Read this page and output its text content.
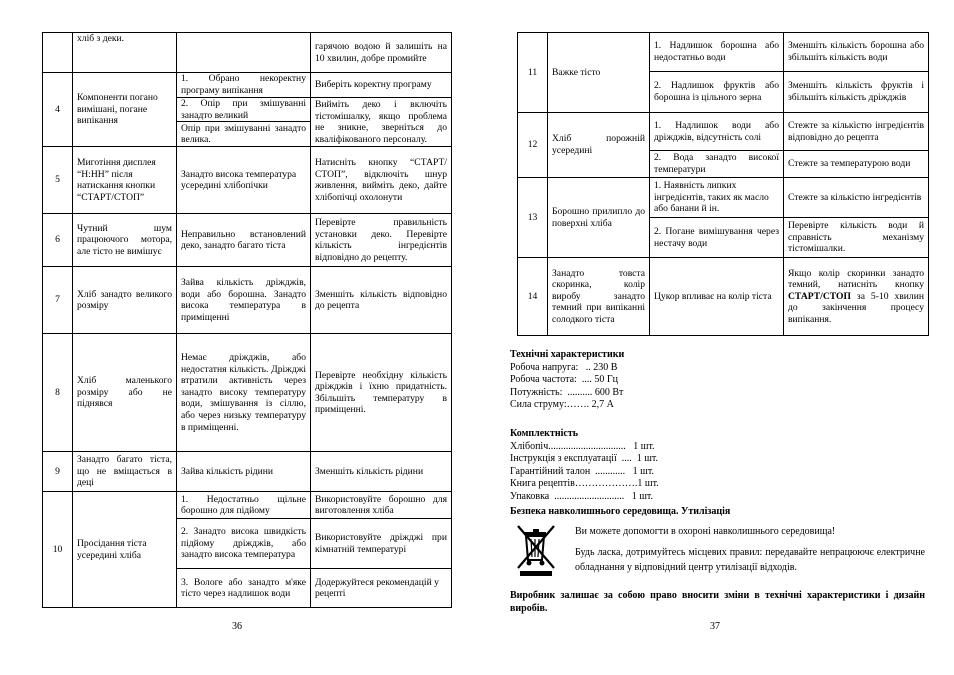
	хліб з деки.		гарячою водою й залишіть на 10 хвилин, добре промийте
4	Компоненти погано вимішані, погане випікання	1. Обрано некоректну програму випікання	Виберіть коректну програму
		2. Опір при змішуванні занадто великий	Вийміть деко і включіть тістомішалку, якщо проблема не зникне, зверніться до кваліфікованого персоналу.
		Опір при змішуванні занадто велика.	
5	Миготіння дисплея “H:HH” після натискання кнопки “СТАРТ/СТОП”	Занадто висока температура усередині хлібопічки	Натисніть кнопку “СТАРТ/СТОП”, відключіть шнур живлення, вийміть деко, дайте хлібопічці охолонути
6	Чутний шум працюючого мотора, але тісто не вимішує	Неправильно встановлений деко, занадто багато тіста	Перевірте правильність установки деко. Перевірте кількість інгредієнтів відповідно до рецепту.
7	Хліб занадто великого розміру	Зайва кількість дріжджів, води або борошна. Занадто висока температура в приміщенні	Зменшіть кількість відповідно до рецепта
8	Хліб маленького розміру або не піднявся	Немає дріжджів, або недостатня кількість. Дріжджі втратили активність через занадто високу температуру води, змішування із сіллю, або через низьку температуру в приміщенні.	Перевірте необхідну кількість дріжджів і їхню придатність. Збільшіть температуру в приміщенні.
9	Занадто багато тіста, що не вміщається в деці	Зайва кількість рідини	Зменшіть кількість рідини
10	Просідання тіста усередині хліба	1. Недостатньо щільне борошно для підйому	Використовуйте борошно для виготовлення хліба
		2. Занадто висока швидкість підйому дріжджів, або занадто висока температура	Використовуйте дріжджі при кімнатній температурі
		3. Вологе або занадто м'яке тісто через надлишок води	Додержуйтеся рекомендацій у рецепті
36
11	Важке тісто	1. Надлишок борошна або недостатньо води	Зменшіть кількість борошна або збільшіть кількість води
		2. Надлишок фруктів або борошна із цільного зерна	Зменшіть кількість фруктів і збільшіть кількість дріжджів
12	Хліб порожній усередині	1. Надлишок води або дріжджів, відсутність солі	Стежте за кількістю інгредієнтів відповідно до рецепта
		2. Вода занадто високої температури	Стежте за температурою води
13	Борошно прилипло до поверхні хліба	1. Наявність липких інгредієнтів, таких як масло або банани й ін.	Стежте за кількістю інгредієнтів
		2. Погане вимішування через нестачу води	Перевірте кількість води й справність механізму тістомішалки.
14	Занадто товста скоринка, колір виробу занадто темний при випіканні солодкого тіста	Цукор впливає на колір тіста	Якщо колір скоринки занадто темний, натисніть кнопку СТАРТ/СТОП за 5-10 хвилин до закінчення процесу випікання.
Технічні характеристики
Робоча напруга:   .. 230 В
Робоча частота:  .... 50 Гц
Потужність:  .......... 600 Вт
Сила струму:……. 2,7 А
Комплектність
Хлібопіч...............................   1 шт.
Інструкція з експлуатації  ....  1 шт.
Гарантійний талон  ............   1 шт.
Книга рецептів……………….1 шт.
Упаковка  ............................   1 шт.
Безпека навколишнього середовища. Утилізація
Ви можете допомогти в охороні навколишнього середовища!
Будь ласка, дотримуйтесь місцевих правил: передавайте непрацюючє електричне обладнання у відповідний центр утилізації відходів.
Виробник залишає за собою право вносити зміни в технічні характеристики і дизайн виробів.
37
